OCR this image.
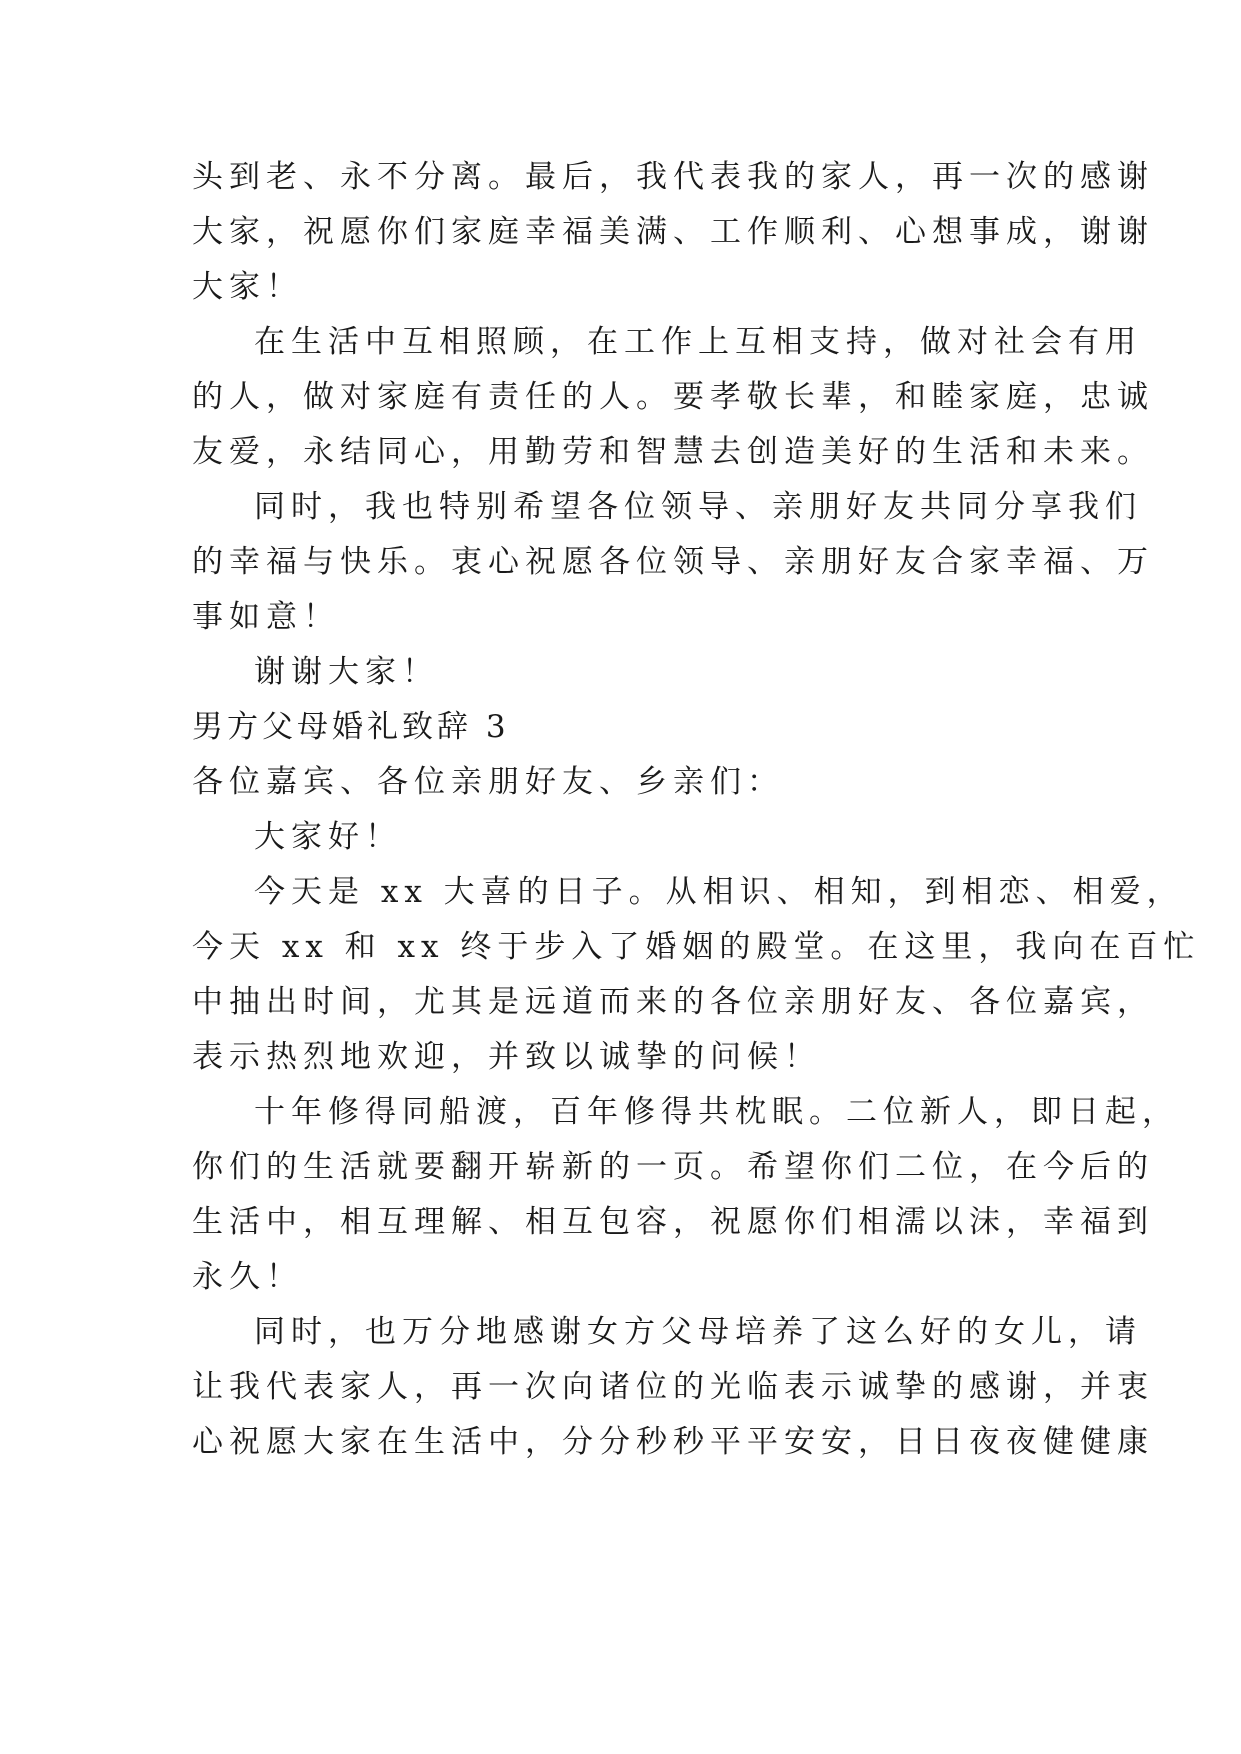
头到老、永不分离。最后，我代表我的家人，再一次的感谢
大家，祝愿你们家庭幸福美满、工作顺利、心想事成，谢谢
大家！
在生活中互相照顾，在工作上互相支持，做对社会有用
的人，做对家庭有责任的人。要孝敬长辈，和睦家庭，忠诚
友爱，永结同心，用勤劳和智慧去创造美好的生活和未来。
同时，我也特别希望各位领导、亲朋好友共同分享我们
的幸福与快乐。衷心祝愿各位领导、亲朋好友合家幸福、万
事如意！
谢谢大家！
男方父母婚礼致辞 3
各位嘉宾、各位亲朋好友、乡亲们：
大家好！
今天是 xx 大喜的日子。从相识、相知，到相恋、相爱，
今天 xx 和 xx 终于步入了婚姻的殿堂。在这里，我向在百忙
中抽出时间，尤其是远道而来的各位亲朋好友、各位嘉宾，
表示热烈地欢迎，并致以诚挚的问候！
十年修得同船渡，百年修得共枕眠。二位新人，即日起，
你们的生活就要翻开崭新的一页。希望你们二位，在今后的
生活中，相互理解、相互包容，祝愿你们相濡以沫，幸福到
永久！
同时，也万分地感谢女方父母培养了这么好的女儿，请
让我代表家人，再一次向诸位的光临表示诚挚的感谢，并衷
心祝愿大家在生活中，分分秒秒平平安安，日日夜夜健健康
